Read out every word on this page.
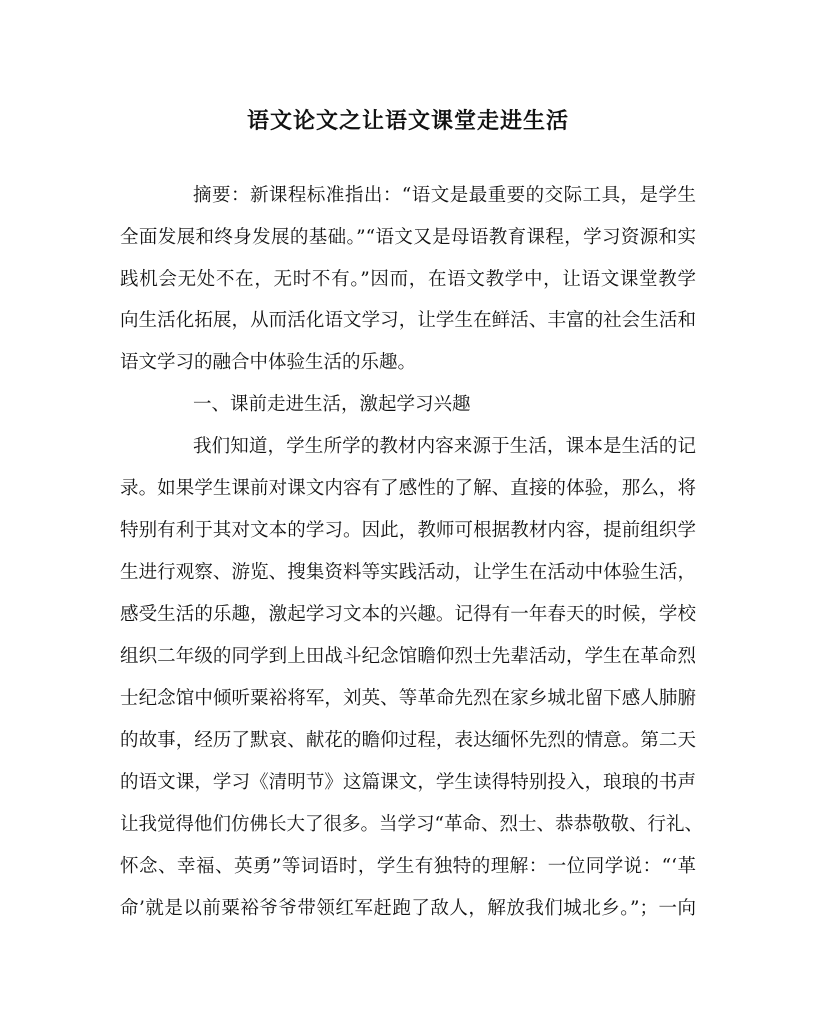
语文论文之让语文课堂走进生活
摘要：新课程标准指出：“语文是最重要的交际工具，是学生
全面发展和终身发展的基础。”“语文又是母语教育课程，学习资源和实
践机会无处不在，无时不有。”因而，在语文教学中，让语文课堂教学
向生活化拓展，从而活化语文学习，让学生在鲜活、丰富的社会生活和
语文学习的融合中体验生活的乐趣。
一、课前走进生活，激起学习兴趣
我们知道，学生所学的教材内容来源于生活，课本是生活的记
录。如果学生课前对课文内容有了感性的了解、直接的体验，那么，将
特别有利于其对文本的学习。因此，教师可根据教材内容，提前组织学
生进行观察、游览、搜集资料等实践活动，让学生在活动中体验生活，
感受生活的乐趣，激起学习文本的兴趣。记得有一年春天的时候，学校
组织二年级的同学到上田战斗纪念馆瞻仰烈士先辈活动，学生在革命烈
士纪念馆中倾听粟裕将军，刘英、等革命先烈在家乡城北留下感人肺腑
的故事，经历了默哀、献花的瞻仰过程，表达缅怀先烈的情意。第二天
的语文课，学习《清明节》这篇课文，学生读得特别投入，琅琅的书声
让我觉得他们仿佛长大了很多。当学习“革命、烈士、恭恭敬敬、行礼、
怀念、幸福、英勇”等词语时，学生有独特的理解：一位同学说：“‘革
命’就是以前粟裕爷爷带领红军赶跑了敌人，解放我们城北乡。”；一向
